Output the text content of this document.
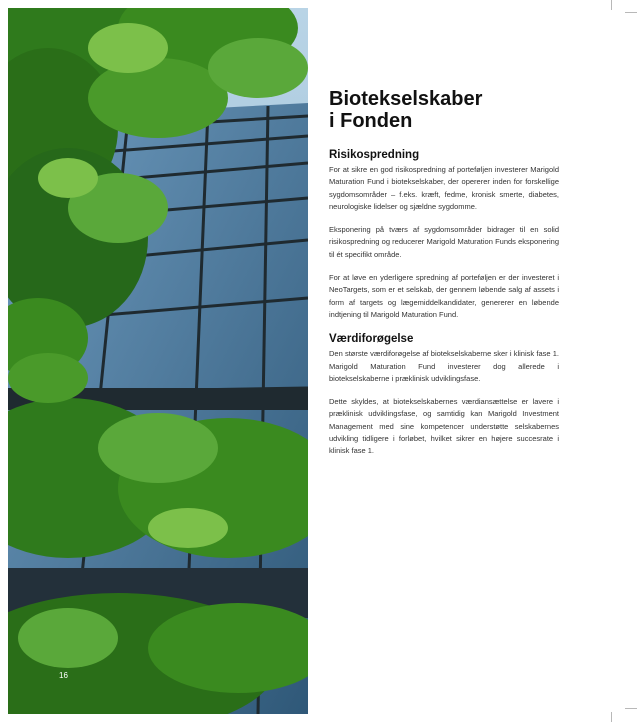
16
Biotekselskaber
i Fonden
Risikospredning

For at sikre en god risikospredning af porteføljen investerer Marigold Maturation Fund i biotekselskaber, der opererer inden for forskellige sygdomsområder – f.eks. kræft, fedme, kronisk smerte, diabetes, neurologiske lidelser og sjældne sygdomme.

Eksponering på tværs af sygdomsområder bidrager til en solid risikospredning og reducerer Marigold Maturation Funds eksponering til ét specifikt område.

For at løve en yderligere spredning af porteføljen er der investeret i NeoTargets, som er et selskab, der gennem løbende salg af assets i form af targets og lægemiddelkandidater, genererer en løbende indtjening til Marigold Maturation Fund.

Værdiforøgelse

Den største værdiforøgelse af biotekselskaberne sker i klinisk fase 1. Marigold Maturation Fund investerer dog allerede i biotekselskaberne i præklinisk udviklingsfase.

Dette skyldes, at biotekselskabernes værdiansættelse er lavere i præklinisk udviklingsfase, og samtidig kan Marigold Investment Management med sine kompetencer understøtte selskabernes udvikling tidligere i forløbet, hvilket sikrer en højere succesrate i klinisk fase 1.
